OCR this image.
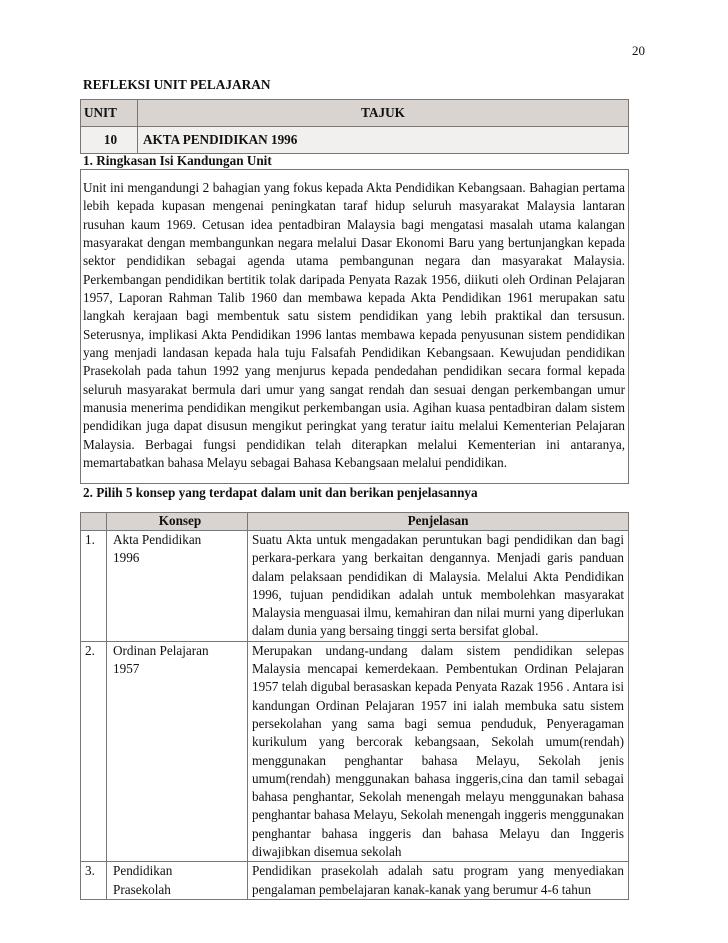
20
REFLEKSI UNIT PELAJARAN
UNIT	TAJUK
10	AKTA PENDIDIKAN 1996
1. Ringkasan Isi Kandungan Unit
Unit ini mengandungi 2 bahagian yang fokus kepada Akta Pendidikan Kebangsaan. Bahagian pertama lebih kepada kupasan mengenai peningkatan taraf hidup seluruh masyarakat Malaysia lantaran rusuhan kaum 1969. Cetusan idea pentadbiran Malaysia bagi mengatasi masalah utama kalangan masyarakat dengan membangunkan negara melalui Dasar Ekonomi Baru yang bertunjangkan kepada sektor pendidikan sebagai agenda utama pembangunan negara dan masyarakat Malaysia. Perkembangan pendidikan bertitik tolak daripada Penyata Razak 1956, diikuti oleh Ordinan Pelajaran 1957, Laporan Rahman Talib 1960 dan membawa kepada Akta Pendidikan 1961 merupakan satu langkah kerajaan bagi membentuk satu sistem pendidikan yang lebih praktikal dan tersusun. Seterusnya, implikasi Akta Pendidikan 1996 lantas membawa kepada penyusunan sistem pendidikan yang menjadi landasan kepada hala tuju Falsafah Pendidikan Kebangsaan. Kewujudan pendidikan Prasekolah pada tahun 1992 yang menjurus kepada pendedahan pendidikan secara formal kepada seluruh masyarakat bermula dari umur yang sangat rendah dan sesuai dengan perkembangan umur manusia menerima pendidikan mengikut perkembangan usia. Agihan kuasa pentadbiran dalam sistem pendidikan juga dapat disusun mengikut peringkat yang teratur iaitu melalui Kementerian Pelajaran Malaysia. Berbagai fungsi pendidikan telah diterapkan melalui Kementerian ini antaranya, memartabatkan bahasa Melayu sebagai Bahasa Kebangsaan melalui pendidikan.
2. Pilih 5 konsep yang terdapat dalam unit dan berikan penjelasannya
	Konsep	Penjelasan
1.	Akta Pendidikan 1996	Suatu Akta untuk mengadakan peruntukan bagi pendidikan dan bagi perkara-perkara yang berkaitan dengannya. Menjadi garis panduan dalam pelaksaan pendidikan di Malaysia. Melalui Akta Pendidikan 1996, tujuan pendidikan adalah untuk membolehkan masyarakat Malaysia menguasai ilmu, kemahiran dan nilai murni yang diperlukan dalam dunia yang bersaing tinggi serta bersifat global.
2.	Ordinan Pelajaran 1957	Merupakan undang-undang dalam sistem pendidikan selepas Malaysia mencapai kemerdekaan. Pembentukan Ordinan Pelajaran 1957 telah digubal berasaskan kepada Penyata Razak 1956 . Antara isi kandungan Ordinan Pelajaran 1957 ini ialah membuka satu sistem persekolahan yang sama bagi semua penduduk, Penyeragaman kurikulum yang bercorak kebangsaan, Sekolah umum(rendah) menggunakan penghantar bahasa Melayu, Sekolah jenis umum(rendah) menggunakan bahasa inggeris,cina dan tamil sebagai bahasa penghantar, Sekolah menengah melayu menggunakan bahasa penghantar bahasa Melayu, Sekolah menengah inggeris menggunakan penghantar bahasa inggeris dan bahasa Melayu dan Inggeris diwajibkan disemua sekolah
3.	Pendidikan Prasekolah	Pendidikan prasekolah adalah satu program yang menyediakan pengalaman pembelajaran kanak-kanak yang berumur 4-6 tahun
